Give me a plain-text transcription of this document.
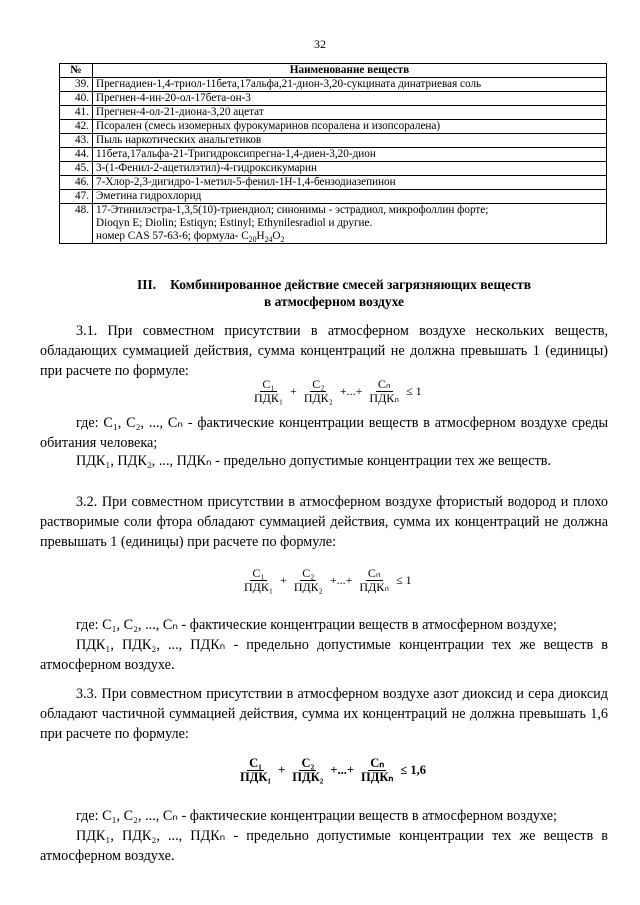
32
№	Наименование веществ
39.	Прегнадиен-1,4-триол-11бета,17альфа,21-дион-3,20-сукцината динатриевая соль
40.	Прегнен-4-ин-20-ол-17бета-он-3
41.	Прегнен-4-ол-21-диона-3,20 ацетат
42.	Псорален (смесь изомерных фурокумаринов псоралена и изопсоралена)
43.	Пыль наркотических анальгетиков
44.	11бета,17альфа-21-Тригидроксипрегна-1,4-диен-3,20-дион
45.	3-(1-Фенил-2-ацетилэтил)-4-гидроксикумарин
46.	7-Хлор-2,3-дигидро-1-метил-5-фенил-1Н-1,4-бензодиазепинон
47.	Эметина гидрохлорид
48.	17-Этинилэстра-1,3,5(10)-триендиол; синонимы - эстрадиол, микрофоллин форте;
Dioqyn E; Diolin; Estiqyn; Estinyl; Ethynilesradiol и другие.
номер CAS 57-63-6; формула- $C_{20}H_{24}O_2$
III. Комбинированное действие смесей загрязняющих веществ
в атмосферном воздухе
3.1. При совместном присутствии в атмосферном воздухе нескольких веществ, обладающих суммацией действия, сумма концентраций не должна превышать 1 (единицы) при расчете по формуле:
$\frac{\text{C₁}}{\text{ПДК₁}} + \frac{\text{C₂}}{\text{ПДК₂}}$ +...+ $\frac{\text{Cₙ}}{\text{ПДКₙ}} \le 1$
где: C₁, C₂, ..., Cₙ - фактические концентрации веществ в атмосферном воздухе среды обитания человека;
ПДК₁, ПДК₂, ..., ПДКₙ - предельно допустимые концентрации тех же веществ.
3.2. При совместном присутствии в атмосферном воздухе фтористый водород и плохо растворимые соли фтора обладают суммацией действия, сумма их концентраций не должна превышать 1 (единицы) при расчете по формуле:
$\frac{\text{C₁}}{\text{ПДК₁}} + \frac{\text{C₂}}{\text{ПДК₂}}$ +...+ $\frac{\text{Cₙ}}{\text{ПДКₙ}} \le 1$
где: C₁, C₂, ..., Cₙ - фактические концентрации веществ в атмосферном воздухе;
ПДК₁, ПДК₂, ..., ПДКₙ - предельно допустимые концентрации тех же веществ в атмосферном воздухе.
3.3. При совместном присутствии в атмосферном воздухе азот диоксид и сера диоксид обладают частичной суммацией действия, сумма их концентраций не должна превышать 1,6 при расчете по формуле:
$\frac{\text{C₁}}{\text{ПДК₁}} + \frac{\text{C₂}}{\text{ПДК₂}}$ +...+ $\frac{\text{Cₙ}}{\text{ПДКₙ}} \le 1,6$
где: C₁, C₂, ..., Cₙ - фактические концентрации веществ в атмосферном воздухе;
ПДК₁, ПДК₂, ..., ПДКₙ - предельно допустимые концентрации тех же веществ в атмосферном воздухе.
